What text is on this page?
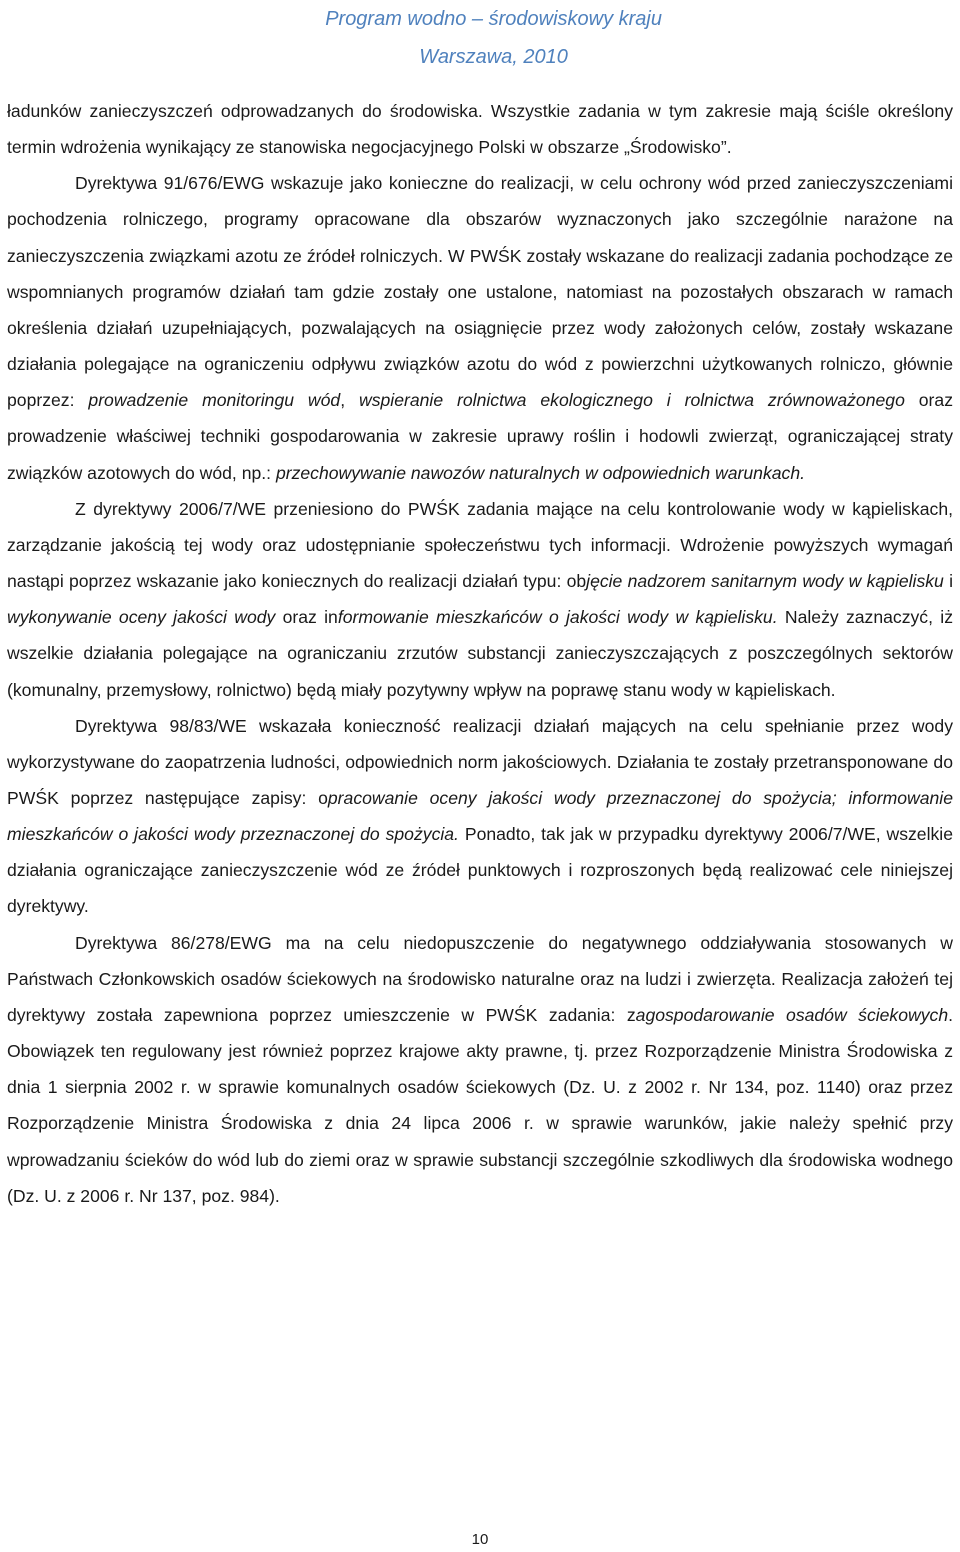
Program wodno – środowiskowy kraju
Warszawa, 2010

ładunków zanieczyszczeń odprowadzanych do środowiska. Wszystkie zadania w tym zakresie mają ściśle określony termin wdrożenia wynikający ze stanowiska negocjacyjnego Polski w obszarze „Środowisko”.

Dyrektywa 91/676/EWG wskazuje jako konieczne do realizacji, w celu ochrony wód przed zanieczyszczeniami pochodzenia rolniczego, programy opracowane dla obszarów wyznaczonych jako szczególnie narażone na zanieczyszczenia związkami azotu ze źródeł rolniczych. W PWŚK zostały wskazane do realizacji zadania pochodzące ze wspomnianych programów działań tam gdzie zostały one ustalone, natomiast na pozostałych obszarach w ramach określenia działań uzupełniających, pozwalających na osiągnięcie przez wody założonych celów, zostały wskazane działania polegające na ograniczeniu odpływu związków azotu do wód z powierzchni użytkowanych rolniczo, głównie poprzez: prowadzenie monitoringu wód, wspieranie rolnictwa ekologicznego i rolnictwa zrównoważonego oraz prowadzenie właściwej techniki gospodarowania w zakresie uprawy roślin i hodowli zwierząt, ograniczającej straty związków azotowych do wód, np.: przechowywanie nawozów naturalnych w odpowiednich warunkach.

Z dyrektywy 2006/7/WE przeniesiono do PWŚK zadania mające na celu kontrolowanie wody w kąpieliskach, zarządzanie jakością tej wody oraz udostępnianie społeczeństwu tych informacji. Wdrożenie powyższych wymagań nastąpi poprzez wskazanie jako koniecznych do realizacji działań typu: objęcie nadzorem sanitarnym wody w kąpielisku i wykonywanie oceny jakości wody oraz informowanie mieszkańców o jakości wody w kąpielisku. Należy zaznaczyć, iż wszelkie działania polegające na ograniczaniu zrzutów substancji zanieczyszczających z poszczególnych sektorów (komunalny, przemysłowy, rolnictwo) będą miały pozytywny wpływ na poprawę stanu wody w kąpieliskach.

Dyrektywa 98/83/WE wskazała konieczność realizacji działań mających na celu spełnianie przez wody wykorzystywane do zaopatrzenia ludności, odpowiednich norm jakościowych. Działania te zostały przetransponowane do PWŚK poprzez następujące zapisy: opracowanie oceny jakości wody przeznaczonej do spożycia; informowanie mieszkańców o jakości wody przeznaczonej do spożycia. Ponadto, tak jak w przypadku dyrektywy 2006/7/WE, wszelkie działania ograniczające zanieczyszczenie wód ze źródeł punktowych i rozproszonych będą realizować cele niniejszej dyrektywy.

Dyrektywa 86/278/EWG ma na celu niedopuszczenie do negatywnego oddziaływania stosowanych w Państwach Członkowskich osadów ściekowych na środowisko naturalne oraz na ludzi i zwierzęta. Realizacja założeń tej dyrektywy została zapewniona poprzez umieszczenie w PWŚK zadania: zagospodarowanie osadów ściekowych. Obowiązek ten regulowany jest również poprzez krajowe akty prawne, tj. przez Rozporządzenie Ministra Środowiska z dnia 1 sierpnia 2002 r. w sprawie komunalnych osadów ściekowych (Dz. U. z 2002 r. Nr 134, poz. 1140) oraz przez Rozporządzenie Ministra Środowiska z dnia 24 lipca 2006 r. w sprawie warunków, jakie należy spełnić przy wprowadzaniu ścieków do wód lub do ziemi oraz w sprawie substancji szczególnie szkodliwych dla środowiska wodnego (Dz. U. z 2006 r. Nr 137, poz. 984).

10
